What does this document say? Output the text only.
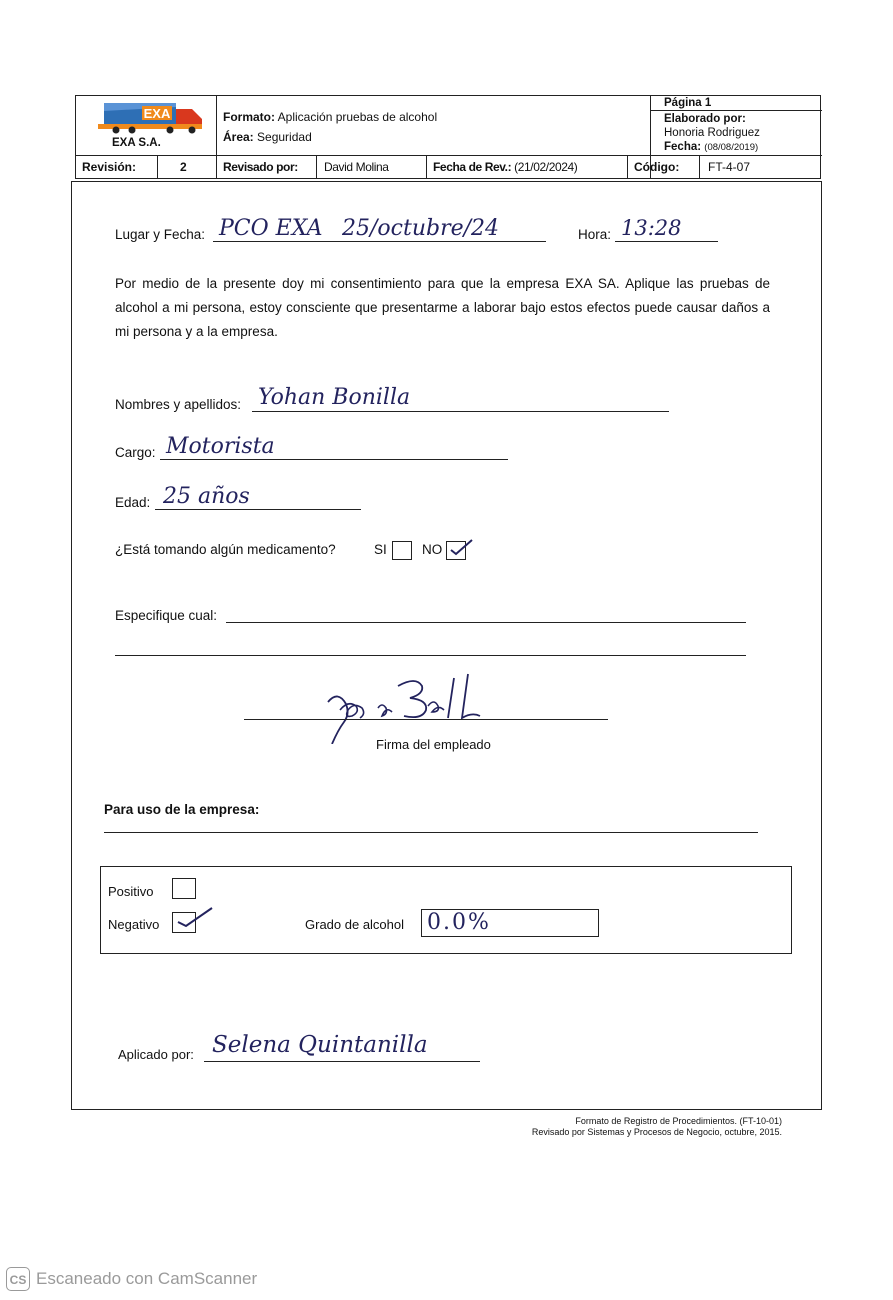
EXA
EXA S.A.
Formato: Aplicación pruebas de alcohol
Área: Seguridad
Página 1
Elaborado por:
Honoria Rodriguez
Fecha: (08/08/2019)
Revisión:	2	Revisado por: David Molina	Fecha de Rev.: (21/02/2024)	Código: FT-4-07
Lugar y Fecha: PCO EXA 25/octubre/24	Hora: 13:28
Por medio de la presente doy mi consentimiento para que la empresa EXA SA. Aplique las pruebas de alcohol a mi persona, estoy consciente que presentarme a laborar bajo estos efectos puede causar daños a mi persona y a la empresa.
Nombres y apellidos: Yohan Bonilla
Cargo: Motorista
Edad: 25 años
¿Está tomando algún medicamento?	SI	NO
Especifique cual:
Firma del empleado
Para uso de la empresa:
Positivo
Negativo	Grado de alcohol 0.0%
Aplicado por: Selena Quintanilla
Formato de Registro de Procedimientos. (FT-10-01)
Revisado por Sistemas y Procesos de Negocio, octubre, 2015.
CS Escaneado con CamScanner
